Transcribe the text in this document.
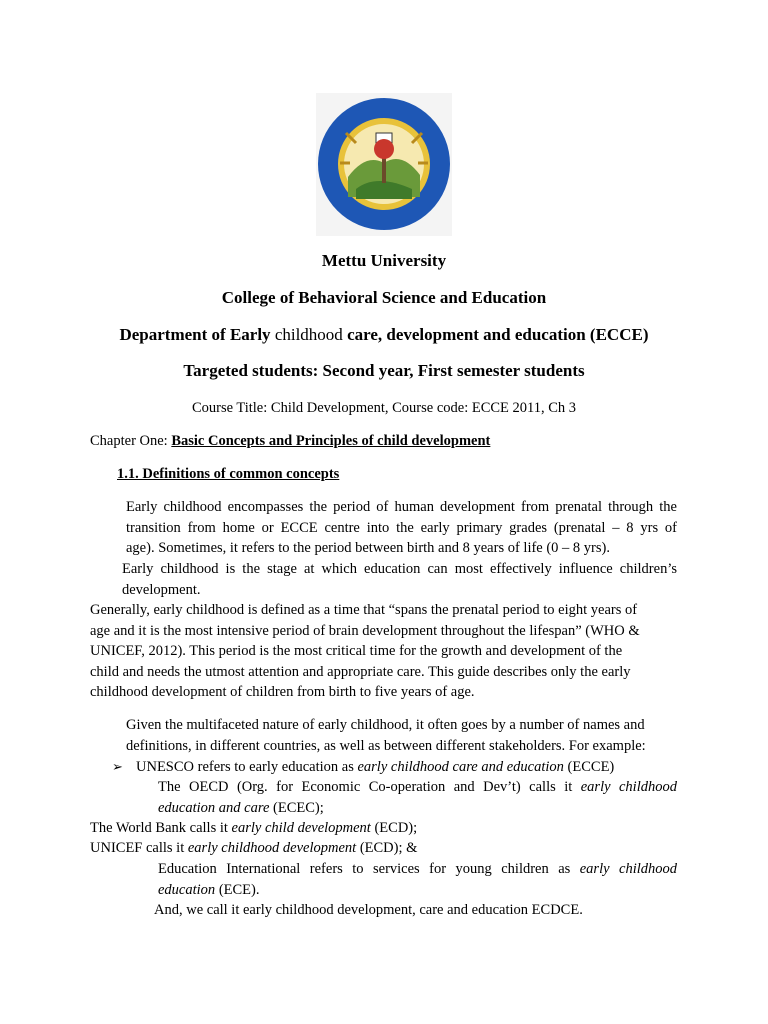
Mettu University
College of Behavioral Science and Education
Department of Early childhood care, development and education (ECCE)
Targeted students: Second year, First semester students
Course Title: Child Development, Course code: ECCE 2011, Ch 3
Chapter One: Basic Concepts and Principles of child development
1.1. Definitions of common concepts
Early childhood encompasses the period of human development from prenatal through the
transition from home or ECCE centre into the early primary grades (prenatal – 8 yrs of
age). Sometimes, it refers to the period between birth and 8 years of life (0 – 8 yrs).
Early childhood is the stage at which education can most effectively influence children’s
development.
Generally, early childhood is defined as a time that “spans the prenatal period to eight years of
age and it is the most intensive period of brain development throughout the lifespan” (WHO &
UNICEF, 2012). This period is the most critical time for the growth and development of the
child and needs the utmost attention and appropriate care. This guide describes only the early
childhood development of children from birth to five years of age.
Given the multifaceted nature of early childhood, it often goes by a number of names and
definitions, in different countries, as well as between different stakeholders. For example:
➢ UNESCO refers to early education as early childhood care and education (ECCE)
The OECD (Org. for Economic Co-operation and Dev’t) calls it early childhood
education and care (ECEC);
The World Bank calls it early child development (ECD);
UNICEF calls it early childhood development (ECD); &
Education International refers to services for young children as early childhood
education (ECE).
And, we call it early childhood development, care and education ECDCE.
